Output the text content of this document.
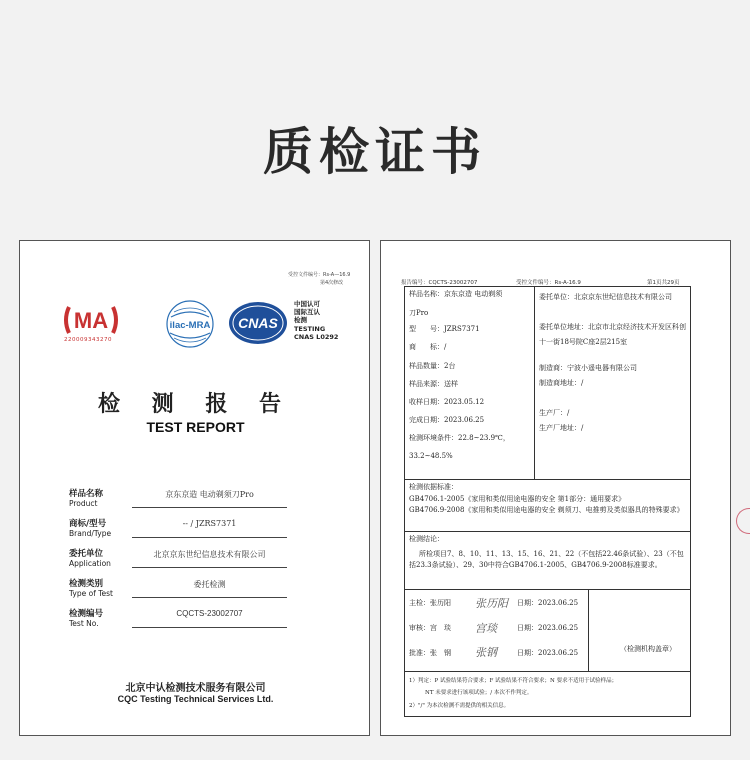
质检证书
受控文件编号：Rs-A—16.9
第4次修改
MA
220009343270
ilac-MRA CNAS
中国认可
国际互认
检测
TESTING
CNAS L0292
检 测 报 告
TEST REPORT
样品名称
Product
京东京造 电动剃须刀Pro
商标/型号
Brand/Type
-- / JZRS7371
委托单位
Application
北京京东世纪信息技术有限公司
检测类别
Type of Test
委托检测
检测编号
Test No.
CQCTS-23002707
北京中认检测技术服务有限公司
CQC Testing Technical Services Ltd.
报告编号：CQCTS-23002707	受控文件编号：Rs-A-16.9	第1页共29页
样品名称：京东京造 电动剃须
刀Pro
型　　号：JZRS7371
商　　标：/
样品数量：2台
样品来源：送样
收样日期：2023.05.12
完成日期：2023.06.25
检测环境条件：22.8~23.9℃，
33.2~48.5%
委托单位：北京京东世纪信息技术有限公司
委托单位地址：北京市北京经济技术开发区科创十一街18号院C座2层215室
制造商：宁波小遥电器有限公司
制造商地址：/
生产厂：/
生产厂地址：/
检测依据标准：
GB4706.1-2005《家用和类似用途电器的安全 第1部分：通用要求》
GB4706.9-2008《家用和类似用途电器的安全 剃须刀、电推剪及类似器具的特殊要求》
检测结论：
所检项目7、8、10、11、13、15、16、21、22（不包括22.46条试验）、23（不包括23.3条试验）、29、30中符合GB4706.1-2005、GB4706.9-2008标准要求。
主检：张历阳 张历阳 日期：2023.06.25
审核：宫　琰 宫琰	日期：2023.06.25
批准：张　钢 张钢	日期：2023.06.25	（检测机构盖章）
1）判定：P 试验结果符合要求；F 试验结果不符合要求；N 要求不适用于试验样品；
NT 未要求进行该项试验；/ 本次不作判定。
2）"/" 为本次检测不需提供的相关信息。
